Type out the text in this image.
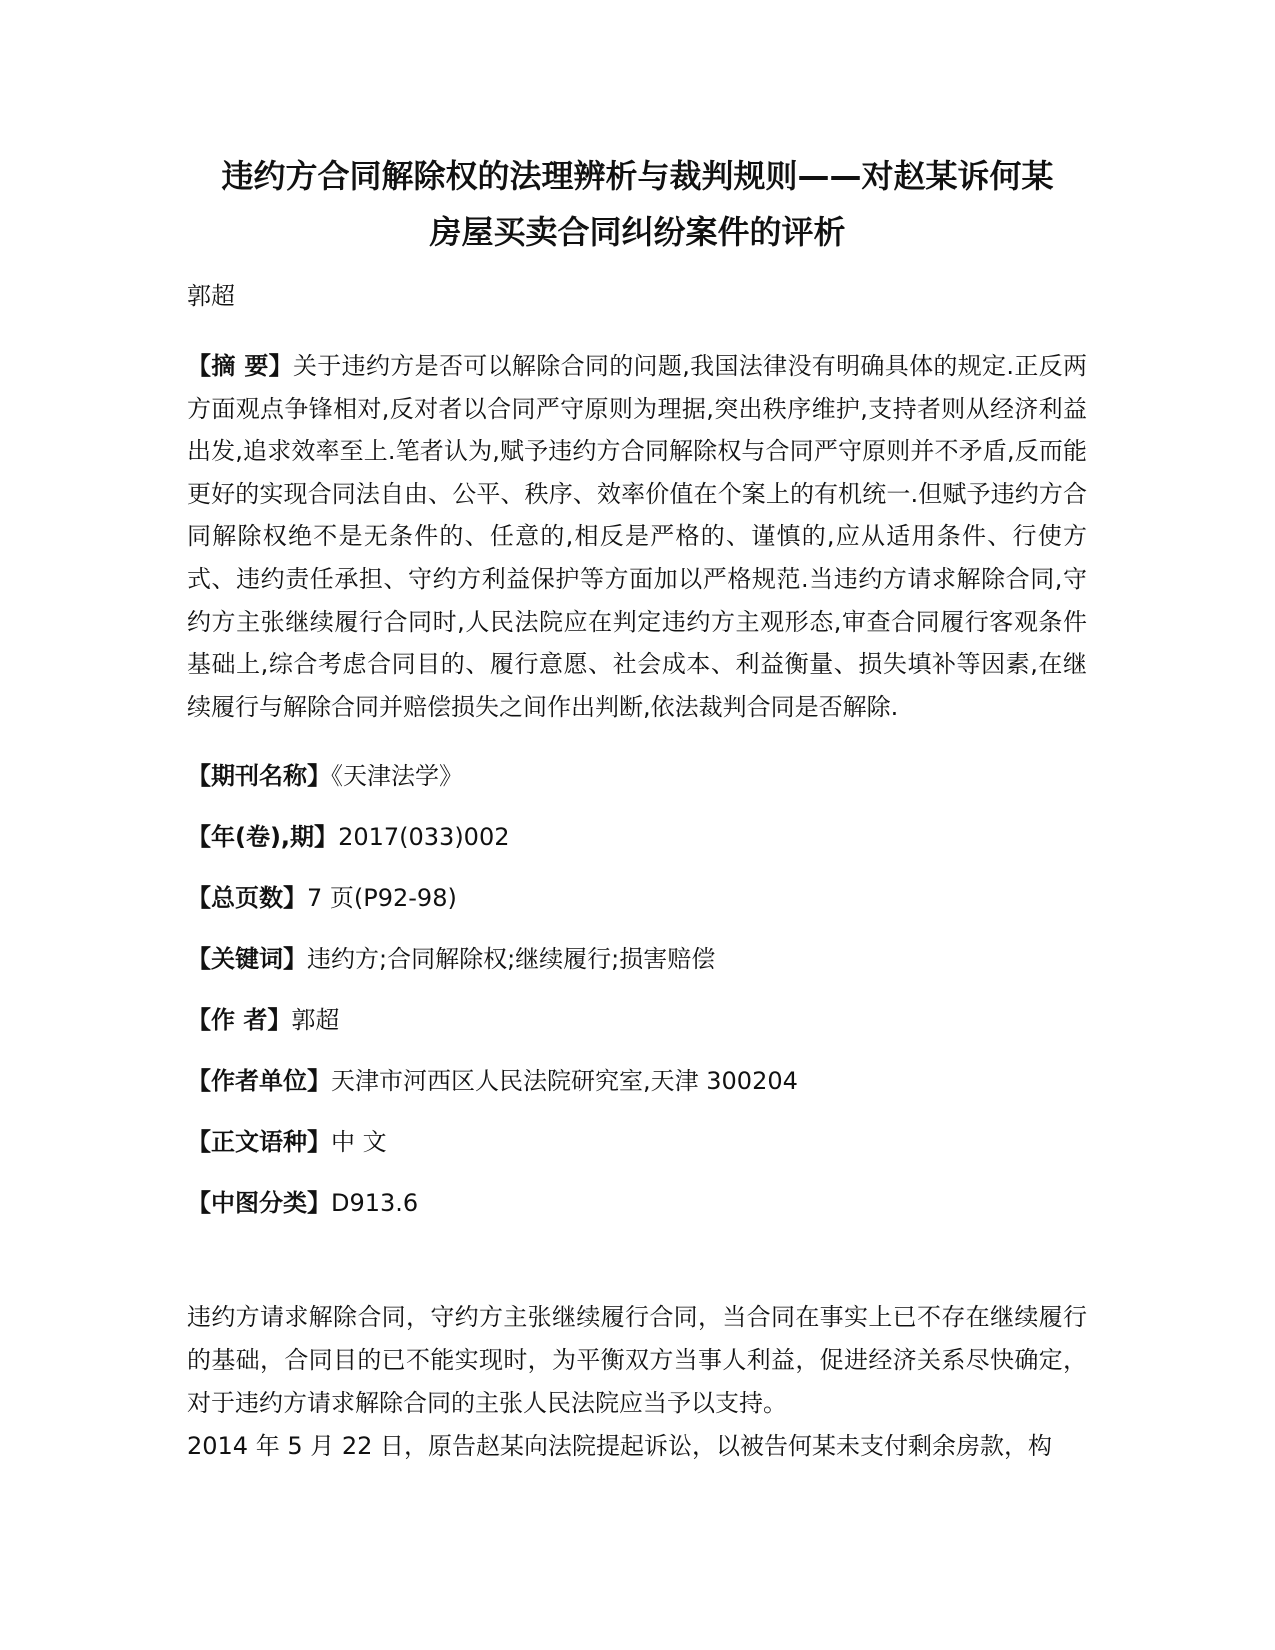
违约方合同解除权的法理辨析与裁判规则——对赵某诉何某
房屋买卖合同纠纷案件的评析

郭超

【摘 要】关于违约方是否可以解除合同的问题,我国法律没有明确具体的规定.正反两方面观点争锋相对,反对者以合同严守原则为理据,突出秩序维护,支持者则从经济利益出发,追求效率至上.笔者认为,赋予违约方合同解除权与合同严守原则并不矛盾,反而能更好的实现合同法自由、公平、秩序、效率价值在个案上的有机统一.但赋予违约方合同解除权绝不是无条件的、任意的,相反是严格的、谨慎的,应从适用条件、行使方式、违约责任承担、守约方利益保护等方面加以严格规范.当违约方请求解除合同,守约方主张继续履行合同时,人民法院应在判定违约方主观形态,审查合同履行客观条件基础上,综合考虑合同目的、履行意愿、社会成本、利益衡量、损失填补等因素,在继续履行与解除合同并赔偿损失之间作出判断,依法裁判合同是否解除.

【期刊名称】《天津法学》

【年(卷),期】2017(033)002

【总页数】7 页(P92-98)

【关键词】违约方;合同解除权;继续履行;损害赔偿

【作 者】郭超

【作者单位】天津市河西区人民法院研究室,天津 300204

【正文语种】中 文

【中图分类】D913.6

违约方请求解除合同，守约方主张继续履行合同，当合同在事实上已不存在继续履行的基础，合同目的已不能实现时，为平衡双方当事人利益，促进经济关系尽快确定，对于违约方请求解除合同的主张人民法院应当予以支持。

2014 年 5 月 22 日，原告赵某向法院提起诉讼，以被告何某未支付剩余房款，构
